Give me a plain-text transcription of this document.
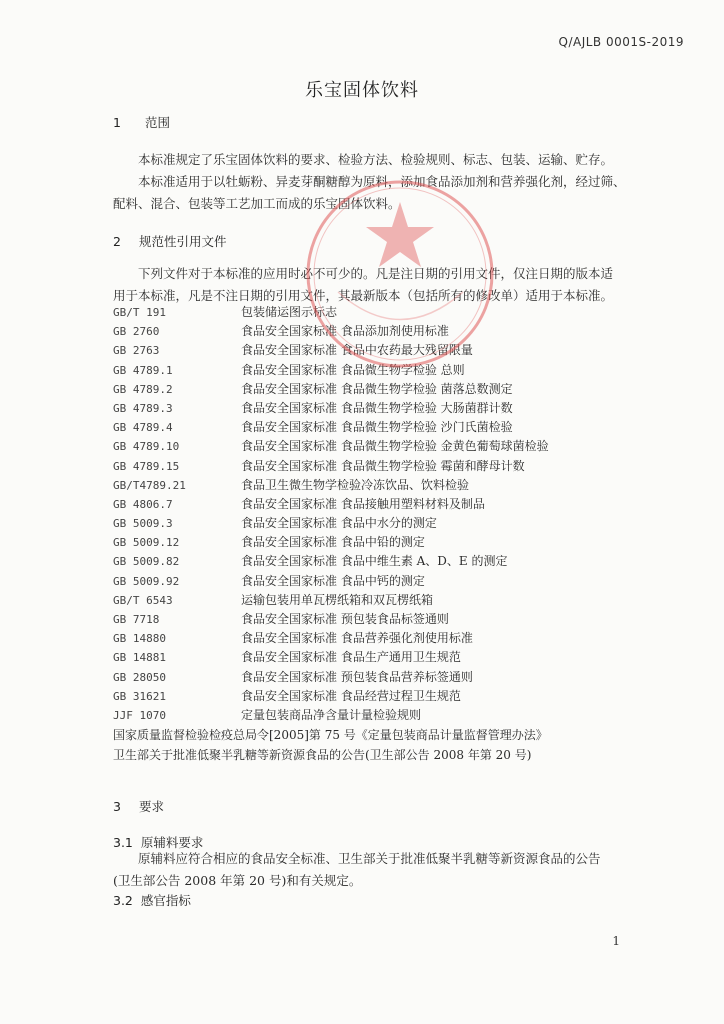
Q/AJLB 0001S-2019
乐宝固体饮料
1 范围
本标准规定了乐宝固体饮料的要求、检验方法、检验规则、标志、包装、运输、贮存。
本标准适用于以牡蛎粉、异麦芽酮糖醇为原料，添加食品添加剂和营养强化剂，经过筛、
配料、混合、包装等工艺加工而成的乐宝固体饮料。
2 规范性引用文件
下列文件对于本标准的应用时必不可少的。凡是注日期的引用文件，仅注日期的版本适
用于本标准，凡是不注日期的引用文件，其最新版本（包括所有的修改单）适用于本标准。
GB/T 191	包装储运图示标志
GB 2760	食品安全国家标准 食品添加剂使用标准
GB 2763	食品安全国家标准 食品中农药最大残留限量
GB 4789.1	食品安全国家标准 食品微生物学检验 总则
GB 4789.2	食品安全国家标准 食品微生物学检验 菌落总数测定
GB 4789.3	食品安全国家标准 食品微生物学检验 大肠菌群计数
GB 4789.4	食品安全国家标准 食品微生物学检验 沙门氏菌检验
GB 4789.10	食品安全国家标准 食品微生物学检验 金黄色葡萄球菌检验
GB 4789.15	食品安全国家标准 食品微生物学检验 霉菌和酵母计数
GB/T4789.21	食品卫生微生物学检验冷冻饮品、饮料检验
GB 4806.7	食品安全国家标准 食品接触用塑料材料及制品
GB 5009.3	食品安全国家标准 食品中水分的测定
GB 5009.12	食品安全国家标准 食品中铅的测定
GB 5009.82	食品安全国家标准 食品中维生素 A、D、E 的测定
GB 5009.92	食品安全国家标准 食品中钙的测定
GB/T 6543	运输包装用单瓦楞纸箱和双瓦楞纸箱
GB 7718	食品安全国家标准 预包装食品标签通则
GB 14880	食品安全国家标准 食品营养强化剂使用标准
GB 14881	食品安全国家标准 食品生产通用卫生规范
GB 28050	食品安全国家标准 预包装食品营养标签通则
GB 31621	食品安全国家标准 食品经营过程卫生规范
JJF 1070	定量包装商品净含量计量检验规则
国家质量监督检验检疫总局令[2005]第 75 号《定量包装商品计量监督管理办法》
卫生部关于批准低聚半乳糖等新资源食品的公告(卫生部公告 2008 年第 20 号)
3 要求
3.1 原辅料要求
原辅料应符合相应的食品安全标准、卫生部关于批准低聚半乳糖等新资源食品的公告
(卫生部公告 2008 年第 20 号)和有关规定。
3.2 感官指标
1
